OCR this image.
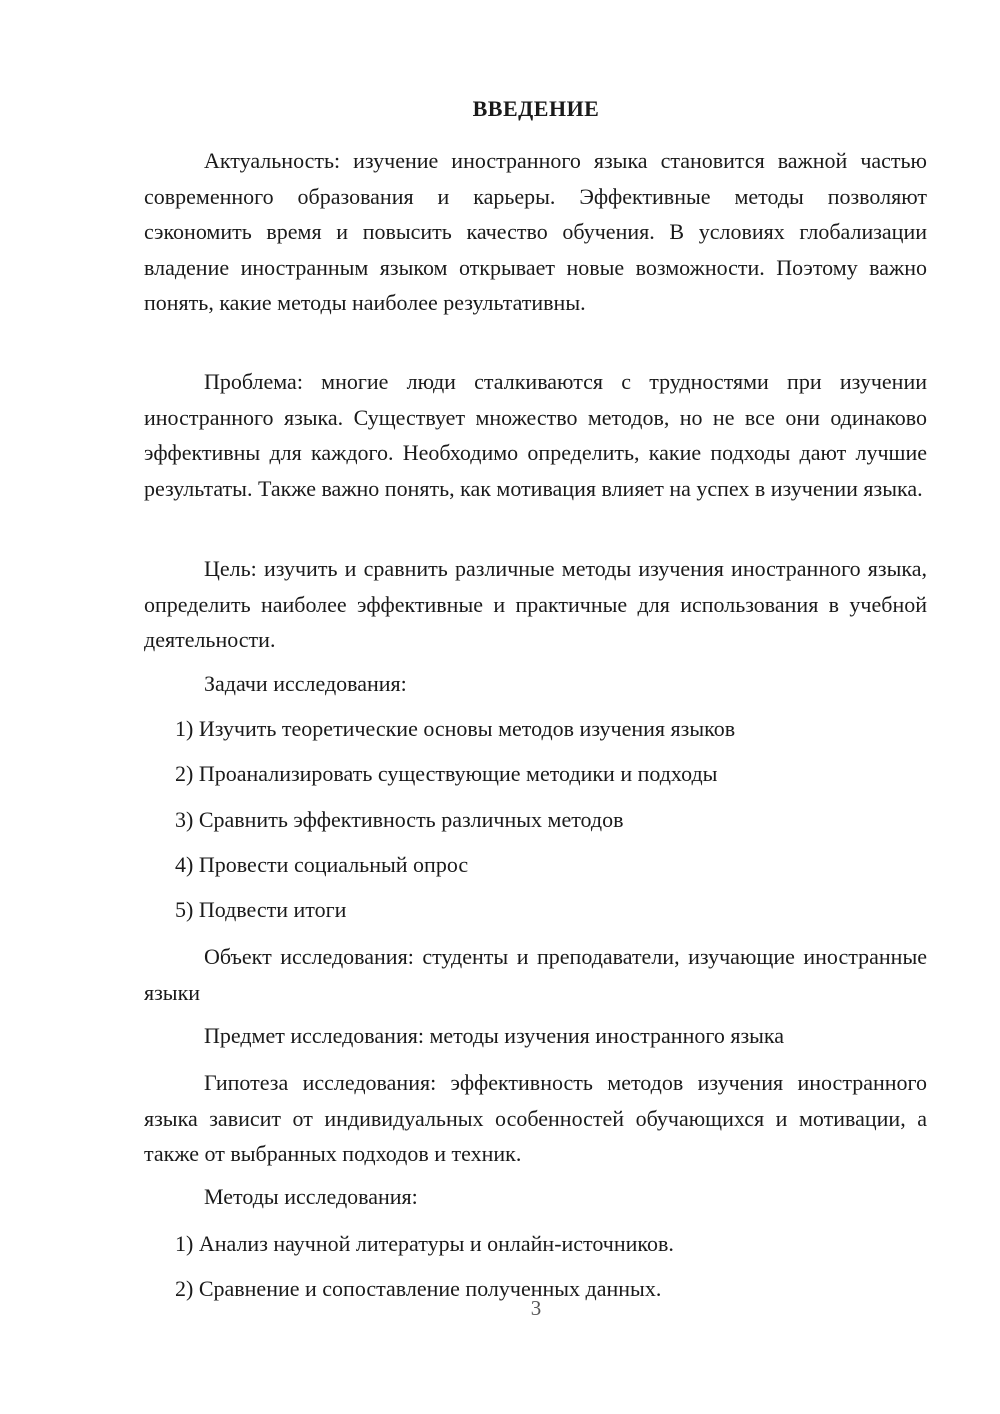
ВВЕДЕНИЕ

Актуальность: изучение иностранного языка становится важной частью современного образования и карьеры. Эффективные методы позволяют сэкономить время и повысить качество обучения. В условиях глобализации владение иностранным языком открывает новые возможности. Поэтому важно понять, какие методы наиболее результативны.

Проблема: многие люди сталкиваются с трудностями при изучении иностранного языка. Существует множество методов, но не все они одинаково эффективны для каждого. Необходимо определить, какие подходы дают лучшие результаты. Также важно понять, как мотивация влияет на успех в изучении языка.

Цель: изучить и сравнить различные методы изучения иностранного языка, определить наиболее эффективные и практичные для использования в учебной деятельности.

Задачи исследования:
1) Изучить теоретические основы методов изучения языков
2) Проанализировать существующие методики и подходы
3) Сравнить эффективность различных методов
4) Провести социальный опрос
5) Подвести итоги

Объект исследования: студенты и преподаватели, изучающие иностранные языки

Предмет исследования: методы изучения иностранного языка

Гипотеза исследования: эффективность методов изучения иностранного языка зависит от индивидуальных особенностей обучающихся и мотивации, а также от выбранных подходов и техник.

Методы исследования:
1) Анализ научной литературы и онлайн-источников.
2) Сравнение и сопоставление полученных данных.
3
